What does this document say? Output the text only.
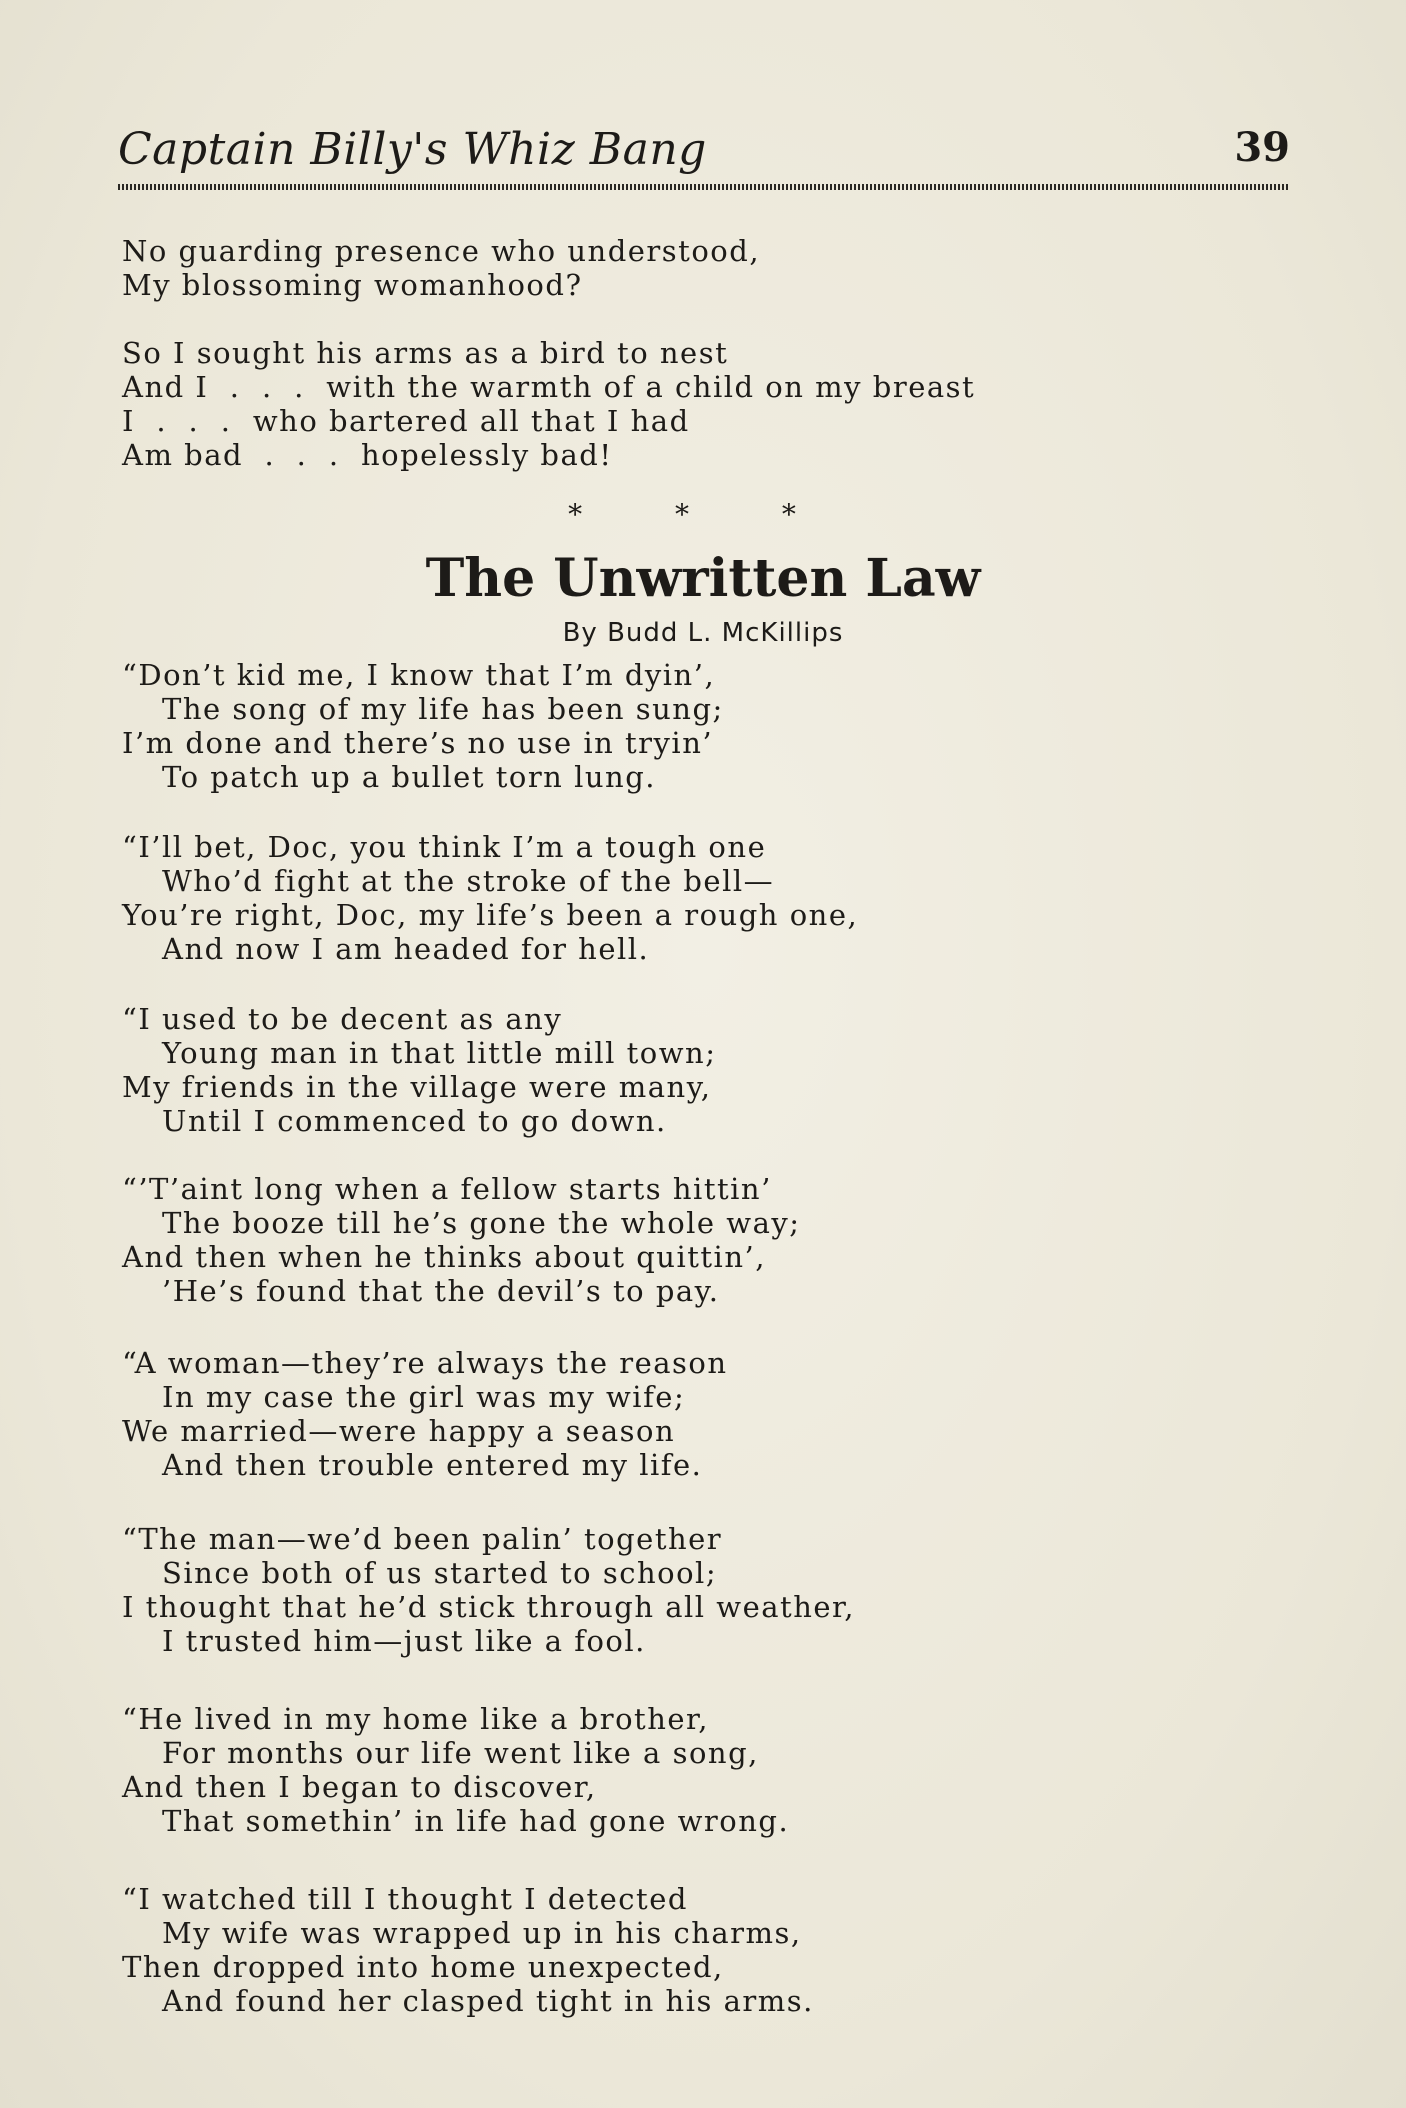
Captain Billy's Whiz Bang	39
No guarding presence who understood,
My blossoming womanhood?
So I sought his arms as a bird to nest
And I  .  .  .  with the warmth of a child on my breast
I  .  .  .  who bartered all that I had
Am bad  .  .  .  hopelessly bad!
* * *
The Unwritten Law
By Budd L. McKillips
“Don’t kid me, I know that I’m dyin’,
The song of my life has been sung;
I’m done and there’s no use in tryin’
To patch up a bullet torn lung.
“I’ll bet, Doc, you think I’m a tough one
Who’d fight at the stroke of the bell—
You’re right, Doc, my life’s been a rough one,
And now I am headed for hell.
“I used to be decent as any
Young man in that little mill town;
My friends in the village were many,
Until I commenced to go down.
“’T’aint long when a fellow starts hittin’
The booze till he’s gone the whole way;
And then when he thinks about quittin’,
’He’s found that the devil’s to pay.
“A woman—they’re always the reason
In my case the girl was my wife;
We married—were happy a season
And then trouble entered my life.
“The man—we’d been palin’ together
Since both of us started to school;
I thought that he’d stick through all weather,
I trusted him—just like a fool.
“He lived in my home like a brother,
For months our life went like a song,
And then I began to discover,
That somethin’ in life had gone wrong.
“I watched till I thought I detected
My wife was wrapped up in his charms,
Then dropped into home unexpected,
And found her clasped tight in his arms.
